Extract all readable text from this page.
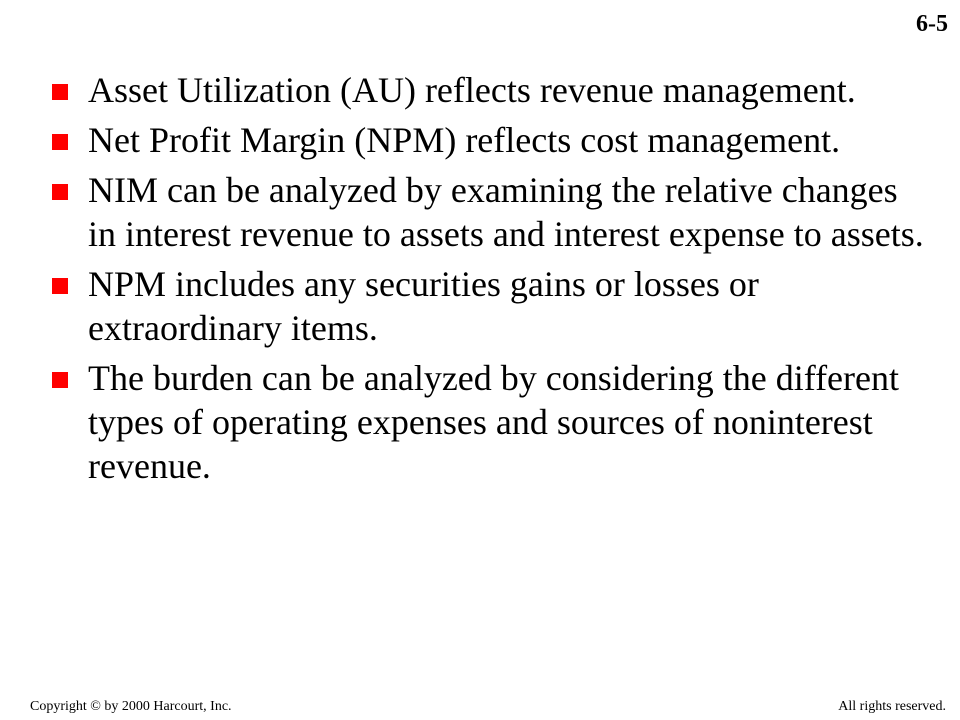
6-5
Asset Utilization (AU) reflects revenue management.
Net Profit Margin (NPM) reflects cost management.
NIM can be analyzed by examining the relative changes in interest revenue to assets and interest expense to assets.
NPM includes any securities gains or losses or extraordinary items.
The burden can be analyzed by considering the different types of operating expenses and sources of noninterest revenue.
Copyright © by 2000 Harcourt, Inc.	All rights reserved.
